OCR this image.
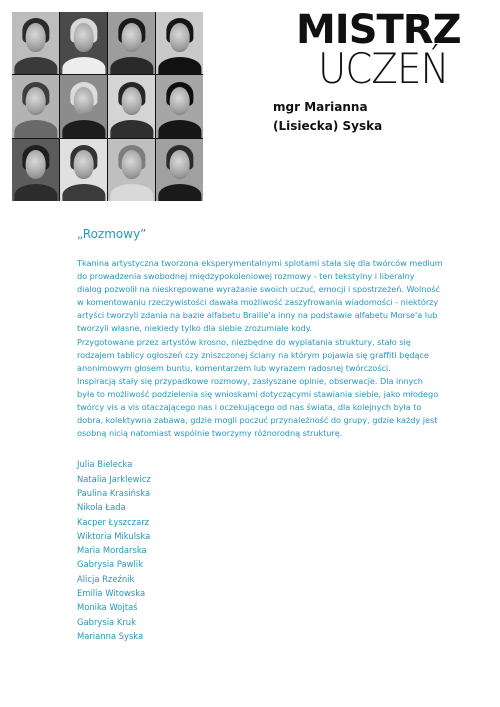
MISTRZ
UCZEŃ
mgr Marianna
(Lisiecka) Syska
„Rozmowy”
Tkanina artystyczna tworzona eksperymentalnymi splotami stała się dla twórców medium
do prowadzenia swobodnej międzypokoleniowej rozmowy - ten tekstylny i liberalny
dialog pozwolił na nieskrępowane wyrażanie swoich uczuć, emocji i spostrzeżeń. Wolność
w komentowaniu rzeczywistości dawała możliwość zaszyfrowania wiadomości - niektórzy
artyści tworzyli zdania na bazie alfabetu Braille'a inny na podstawie alfabetu Morse'a lub
tworzyli własne, niekiedy tylko dla siebie zrozumiałe kody.
Przygotowane przez artystów krosno, niezbędne do wyplatania struktury, stało się
rodzajem tablicy ogłoszeń czy zniszczonej ściany na którym pojawia się graffiti będące
anonimowym głosem buntu, komentarzem lub wyrazem radosnej twórczości.
Inspiracją stały się przypadkowe rozmowy, zasłyszane opinie, obserwacje. Dla innych
była to możliwość podzielenia się wnioskami dotyczącymi stawiania siebie, jako młodego
twórcy vis a vis otaczającego nas i oczekującego od nas świata, dla kolejnych była to
dobra, kolektywna zabawa, gdzie mogli poczuć przynależność do grupy, gdzie każdy jest
osobną nicią natomiast wspólnie tworzymy różnorodną strukturę.
Julia Bielecka
Natalia Jarklewicz
Paulina Krasińska
Nikola Łada
Kacper Łyszczarz
Wiktoria Mikulska
Maria Mordarska
Gabrysia Pawlik
Alicja Rzeźnik
Emilia Witowska
Monika Wojtaś
Gabrysia Kruk
Marianna Syska
